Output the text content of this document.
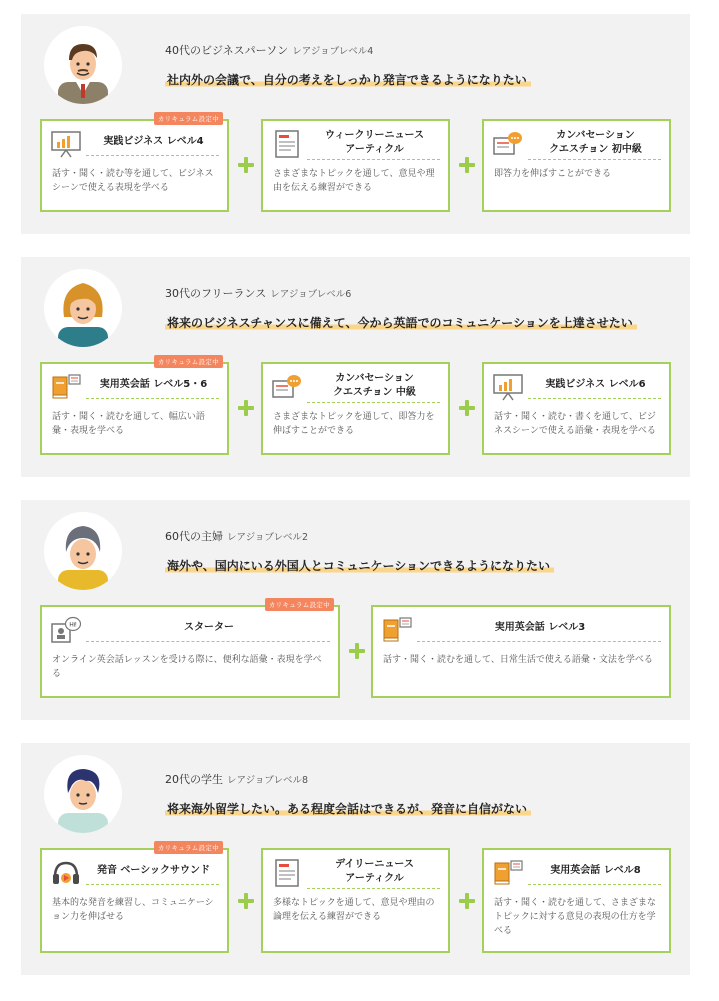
40代のビジネスパーソン レアジョブレベル4
社内外の会議で、自分の考えをしっかり発言できるようになりたい
カリキュラム設定中
実践ビジネス レベル4
話す・聞く・読む等を通して、ビジネスシーンで使える表現を学べる
ウィークリーニュース
アーティクル
さまざまなトピックを通して、意見や理由を伝える練習ができる
カンバセーション
クエスチョン 初中級
即答力を伸ばすことができる
30代のフリーランス レアジョブレベル6
将来のビジネスチャンスに備えて、今から英語でのコミュニケーションを上達させたい
カリキュラム設定中
実用英会話 レベル5・6
話す・聞く・読むを通して、幅広い語彙・表現を学べる
カンバセーション
クエスチョン 中級
さまざまなトピックを通して、即答力を伸ばすことができる
実践ビジネス レベル6
話す・聞く・読む・書くを通して、ビジネスシーンで使える語彙・表現を学べる
60代の主婦 レアジョブレベル2
海外や、国内にいる外国人とコミュニケーションできるようになりたい
カリキュラム設定中
Hi!	スターター
オンライン英会話レッスンを受ける際に、便利な語彙・表現を学べる
実用英会話 レベル3
話す・聞く・読むを通して、日常生活で使える語彙・文法を学べる
20代の学生 レアジョブレベル8
将来海外留学したい。ある程度会話はできるが、発音に自信がない
カリキュラム設定中
発音 ベーシックサウンド
基本的な発音を練習し、コミュニケーション力を伸ばせる
デイリーニュース
アーティクル
多様なトピックを通して、意見や理由の論理を伝える練習ができる
実用英会話 レベル8
話す・聞く・読むを通して、さまざまなトピックに対する意見の表現の仕方を学べる
